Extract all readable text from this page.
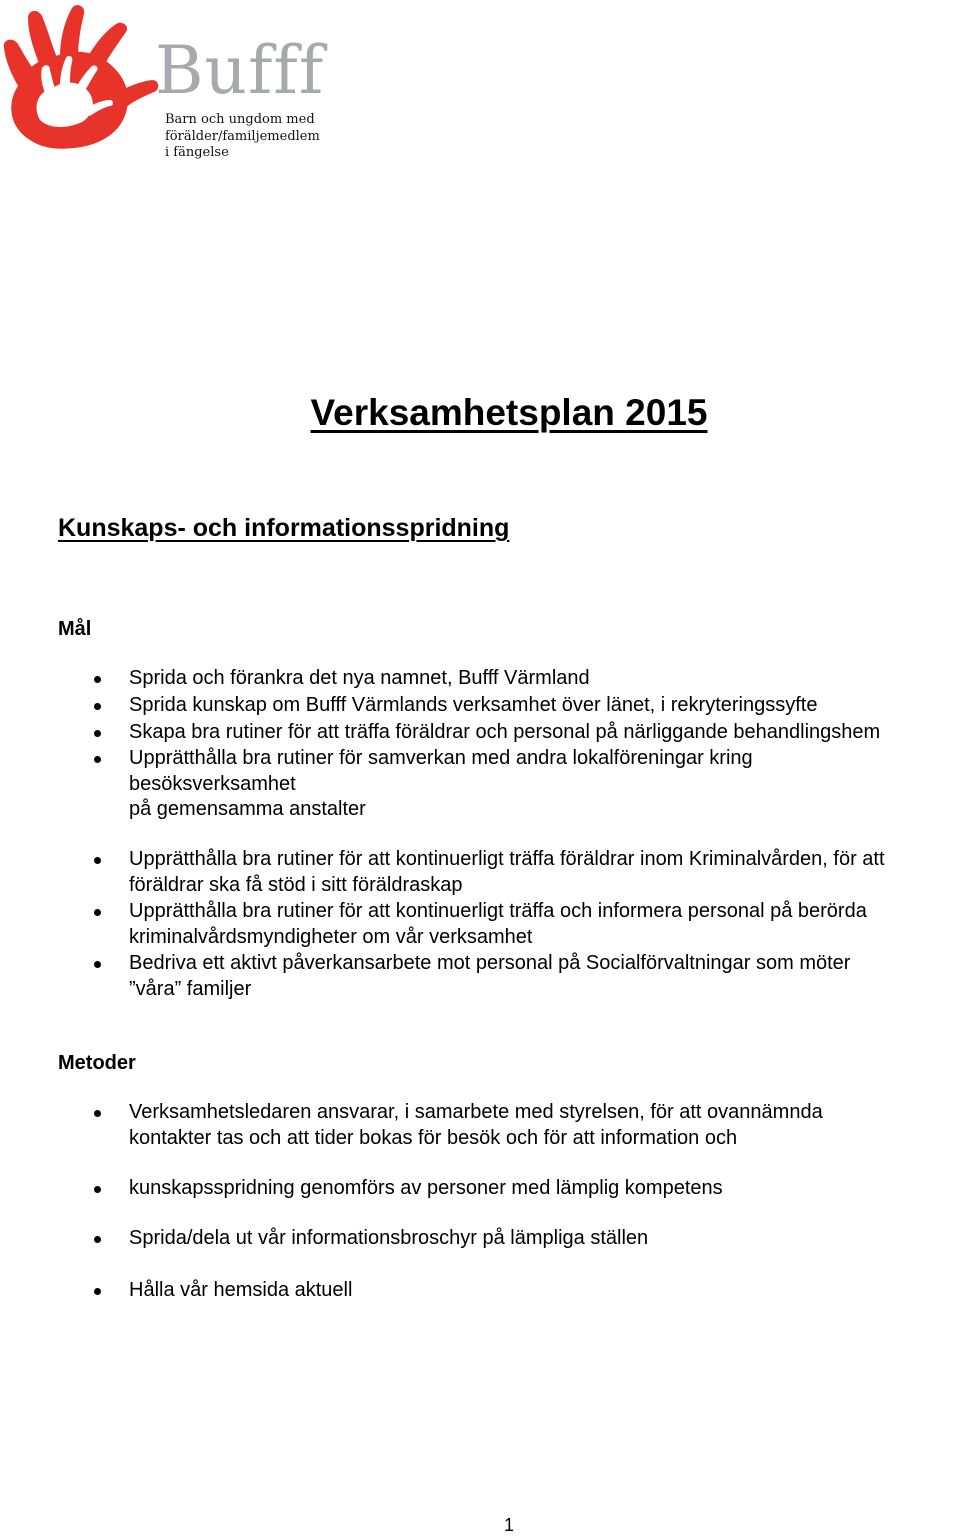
Bufff
Barn och ungdom med
förälder/familjemedlem
i fängelse
Verksamhetsplan 2015
Kunskaps- och informationsspridning
Mål
Sprida och förankra det nya namnet, Bufff Värmland
Sprida kunskap om Bufff Värmlands verksamhet över länet, i rekryteringssyfte
Skapa bra rutiner för att träffa föräldrar och personal på närliggande behandlingshem
Upprätthålla bra rutiner för samverkan med andra lokalföreningar kring
besöksverksamhet
på gemensamma anstalter
Upprätthålla bra rutiner för att kontinuerligt träffa föräldrar inom Kriminalvården, för att
föräldrar ska få stöd i sitt föräldraskap
Upprätthålla bra rutiner för att kontinuerligt träffa och informera personal på berörda
kriminalvårdsmyndigheter om vår verksamhet
Bedriva ett aktivt påverkansarbete mot personal på Socialförvaltningar som möter
”våra” familjer
Metoder
Verksamhetsledaren ansvarar, i samarbete med styrelsen, för att ovannämnda
kontakter tas och att tider bokas för besök och för att information och
kunskapsspridning genomförs av personer med lämplig kompetens
Sprida/dela ut vår informationsbroschyr på lämpliga ställen
Hålla vår hemsida aktuell
1
